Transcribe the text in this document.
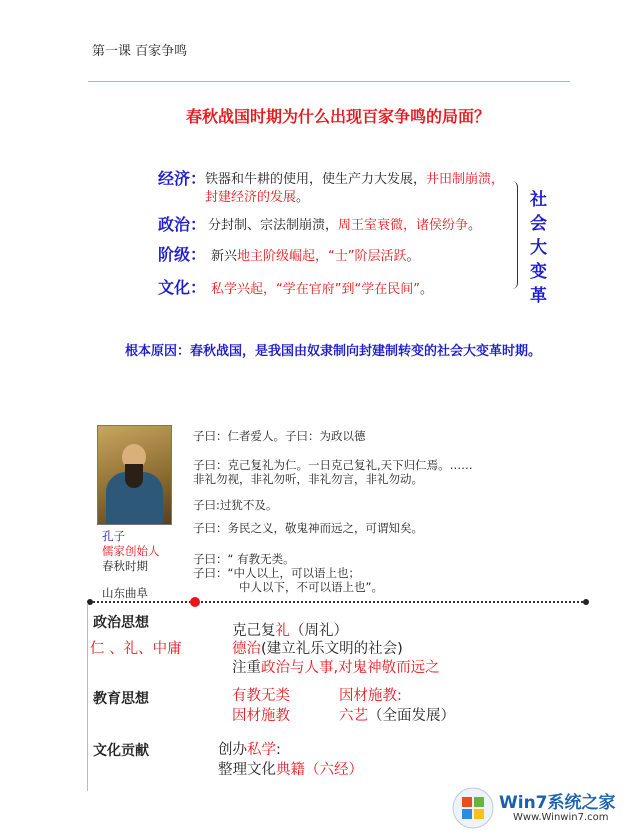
第一课 百家争鸣
春秋战国时期为什么出现百家争鸣的局面？
经济：
铁器和牛耕的使用，使生产力大发展，井田制崩溃，
封建经济的发展。
政治： 分封制、宗法制崩溃，周王室衰微，诸侯纷争。
阶级： 新兴地主阶级崛起，“士”阶层活跃。
文化： 私学兴起，“学在官府”到“学在民间”。
社会大变革
根本原因：春秋战国，是我国由奴隶制向封建制转变的社会大变革时期。
孔子
儒家创始人
春秋时期
山东曲阜
子曰：仁者爱人。子曰：为政以德
子曰：克己复礼为仁。一日克己复礼,天下归仁焉。……
非礼勿视，非礼勿听，非礼勿言，非礼勿动。
子曰:过犹不及。
子曰：务民之义，敬鬼神而远之，可谓知矣。
子曰：“ 有教无类。
子曰：“中人以上，可以语上也；
中人以下，不可以语上也”。
政治思想
仁 、礼、中庸
克己复礼（周礼）
德治(建立礼乐文明的社会)
注重政治与人事,对鬼神敬而远之
教育思想	有教无类
因材施教
因材施教:
六艺（全面发展）
文化贡献	创办私学:
整理文化典籍（六经）
Win7系统之家
Www.Winwin7.com
